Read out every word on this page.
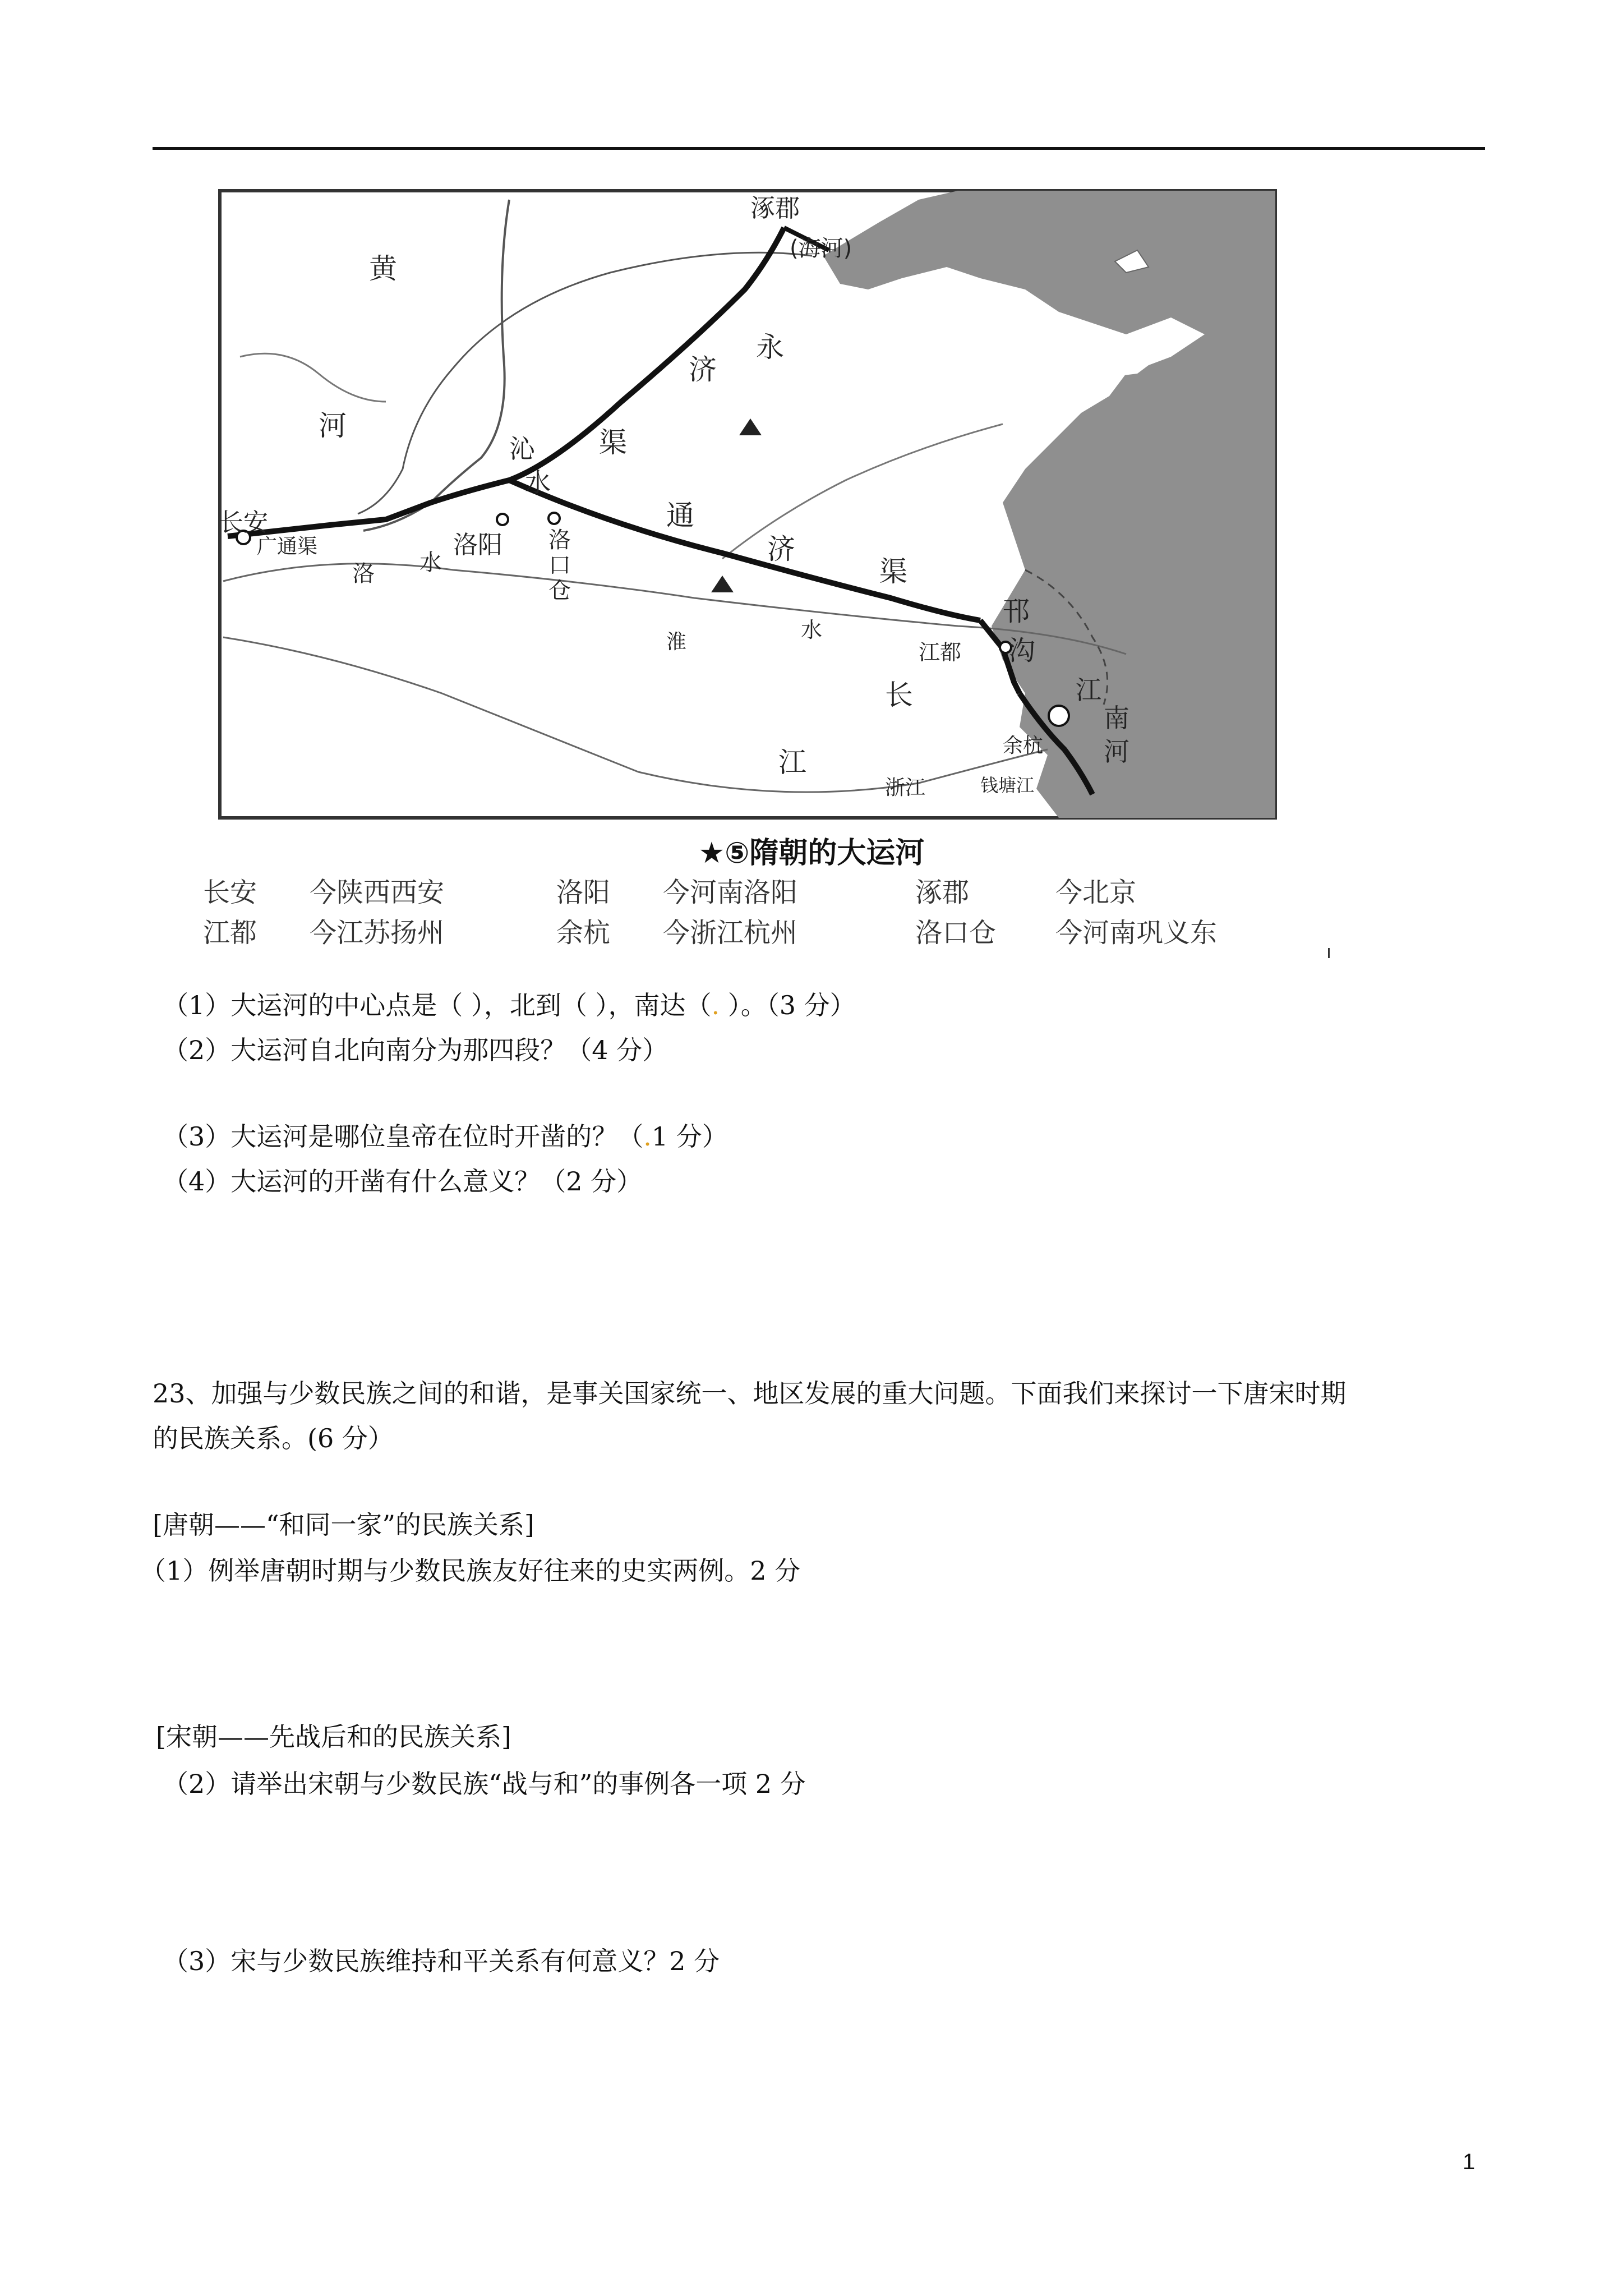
涿郡
(海河)
黄
河
永
济
渠
沁
水
长安
广通渠
洛 水
洛阳 洛
口
仓
通
济
渠
淮	水
邗
沟
江都
长
江
江
南
河
余杭
浙江	钱塘江
★⑤隋朝的大运河
长安 今陕西西安	洛阳 今河南洛阳	涿郡	今北京
江都 今江苏扬州	余杭 今浙江杭州	洛口仓 今河南巩义东
（1）大运河的中心点是（ ），北到（ ），南达（. ）。（3 分）
（2）大运河自北向南分为那四段？（4 分）
（3）大运河是哪位皇帝在位时开凿的？（.1 分）
（4）大运河的开凿有什么意义？（2 分）
23、加强与少数民族之间的和谐，是事关国家统一、地区发展的重大问题。下面我们来探讨一下唐宋时期
的民族关系。(6 分）
[唐朝——“和同一家”的民族关系]
（1）例举唐朝时期与少数民族友好往来的史实两例。2 分
[宋朝——先战后和的民族关系]
（2）请举出宋朝与少数民族“战与和”的事例各一项 2 分
（3）宋与少数民族维持和平关系有何意义？2 分
1
